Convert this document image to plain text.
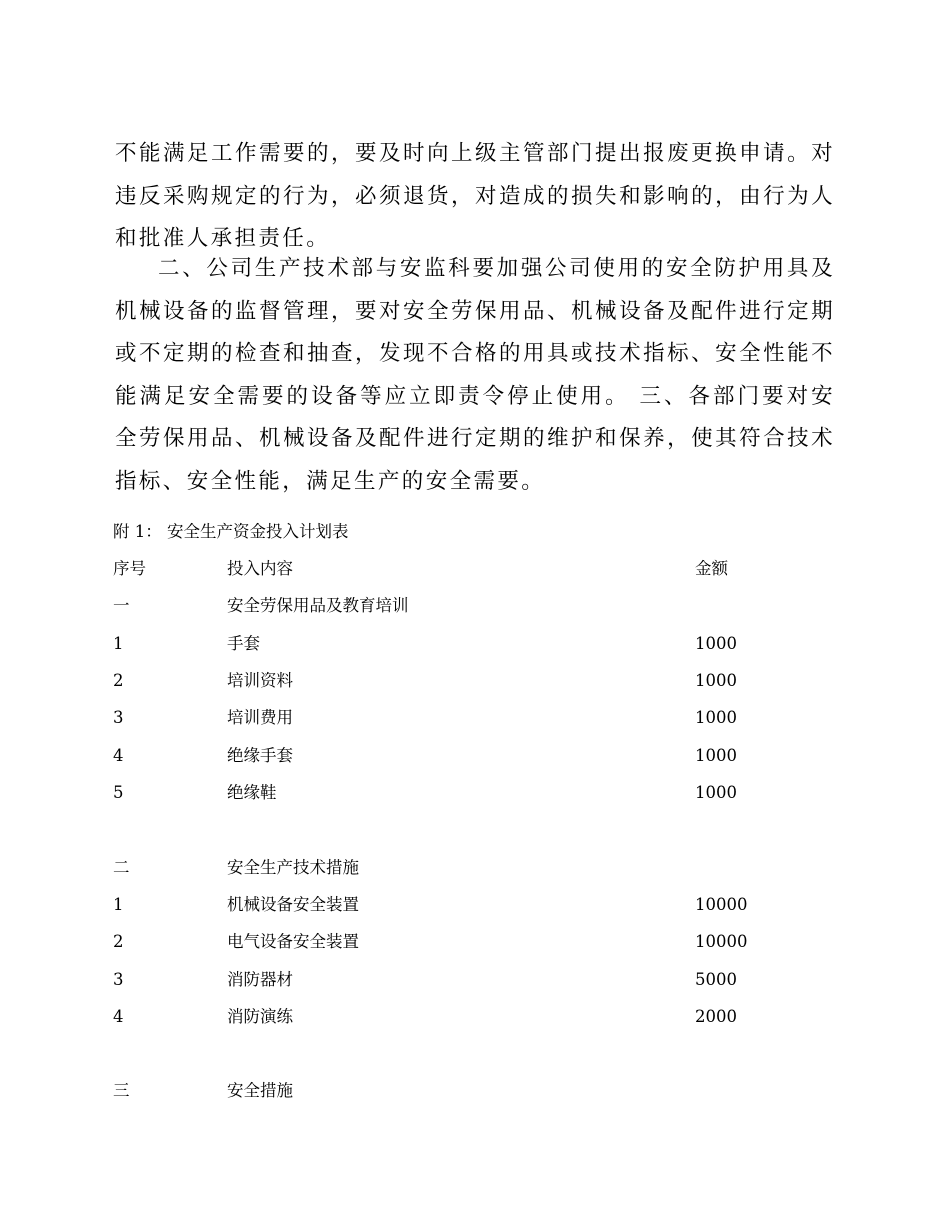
不能满足工作需要的，要及时向上级主管部门提出报废更换申请。对违反采购规定的行为，必须退货，对造成的损失和影响的，由行为人和批准人承担责任。

二、公司生产技术部与安监科要加强公司使用的安全防护用具及机械设备的监督管理，要对安全劳保用品、机械设备及配件进行定期或不定期的检查和抽查，发现不合格的用具或技术指标、安全性能不能满足安全需要的设备等应立即责令停止使用。 三、各部门要对安全劳保用品、机械设备及配件进行定期的维护和保养，使其符合技术指标、安全性能，满足生产的安全需要。

附 1： 安全生产资金投入计划表

序号	投入内容	金额
一	安全劳保用品及教育培训
1	手套	1000
2	培训资料	1000
3	培训费用	1000
4	绝缘手套	1000
5	绝缘鞋	1000
二	安全生产技术措施
1	机械设备安全装置	10000
2	电气设备安全装置	10000
3	消防器材	5000
4	消防演练	2000
三	安全措施
